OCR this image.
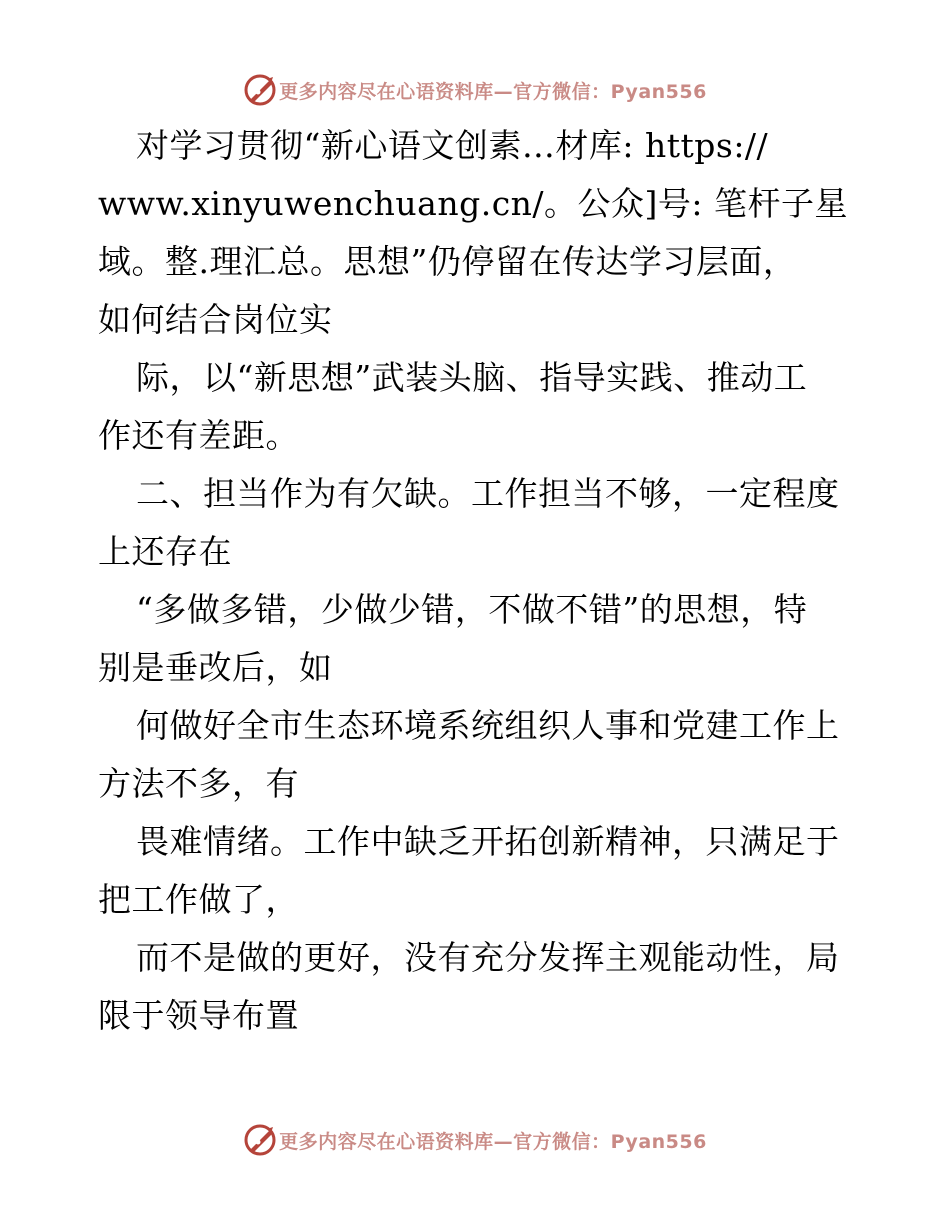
更多内容尽在心语资料库—官方微信：Pyan556
对学习贯彻“新心语文创素…材库: https://
www.xinyuwenchuang.cn/。公众]号: 笔杆子星
域。整.理汇总。思想”仍停留在传达学习层面，
如何结合岗位实
际，以“新思想”武装头脑、指导实践、推动工
作还有差距。
二、担当作为有欠缺。工作担当不够，一定程度
上还存在
“多做多错，少做少错，不做不错”的思想，特
别是垂改后，如
何做好全市生态环境系统组织人事和党建工作上
方法不多，有
畏难情绪。工作中缺乏开拓创新精神，只满足于
把工作做了，
而不是做的更好，没有充分发挥主观能动性，局
限于领导布置
更多内容尽在心语资料库—官方微信：Pyan556
